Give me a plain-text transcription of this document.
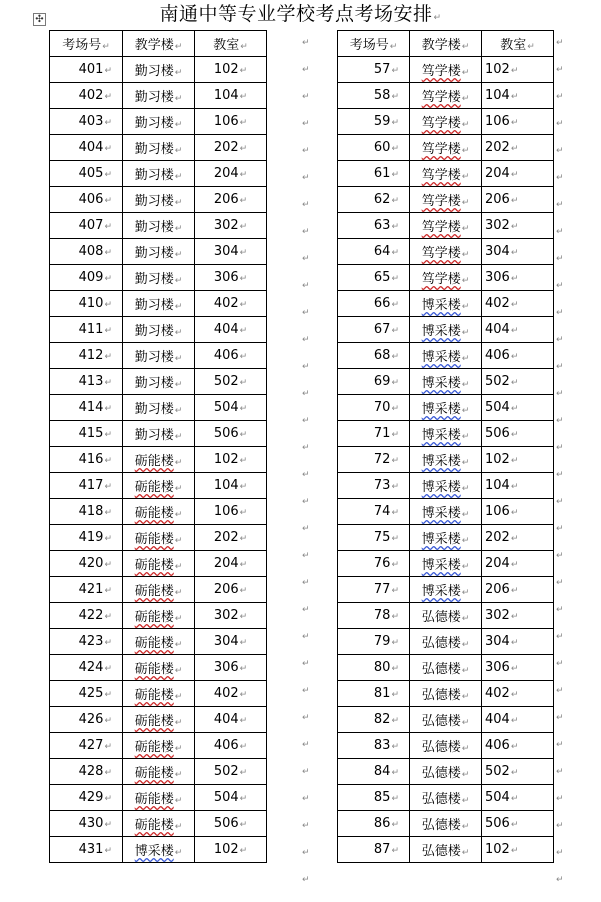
✣	南通中等专业学校考点考场安排↵
考场号↵	教学楼↵	教室↵
401↵	勤习楼↵	102↵
402↵	勤习楼↵	104↵
403↵	勤习楼↵	106↵
404↵	勤习楼↵	202↵
405↵	勤习楼↵	204↵
406↵	勤习楼↵	206↵
407↵	勤习楼↵	302↵
408↵	勤习楼↵	304↵
409↵	勤习楼↵	306↵
410↵	勤习楼↵	402↵
411↵	勤习楼↵	404↵
412↵	勤习楼↵	406↵
413↵	勤习楼↵	502↵
414↵	勤习楼↵	504↵
415↵	勤习楼↵	506↵
416↵	砺能楼↵	102↵
417↵	砺能楼↵	104↵
418↵	砺能楼↵	106↵
419↵	砺能楼↵	202↵
420↵	砺能楼↵	204↵
421↵	砺能楼↵	206↵
422↵	砺能楼↵	302↵
423↵	砺能楼↵	304↵
424↵	砺能楼↵	306↵
425↵	砺能楼↵	402↵
426↵	砺能楼↵	404↵
427↵	砺能楼↵	406↵
428↵	砺能楼↵	502↵
429↵	砺能楼↵	504↵
430↵	砺能楼↵	506↵
431↵	博采楼↵	102↵
考场号↵	教学楼↵	教室↵
57↵	笃学楼↵	102↵
58↵	笃学楼↵	104↵
59↵	笃学楼↵	106↵
60↵	笃学楼↵	202↵
61↵	笃学楼↵	204↵
62↵	笃学楼↵	206↵
63↵	笃学楼↵	302↵
64↵	笃学楼↵	304↵
65↵	笃学楼↵	306↵
66↵	博采楼↵	402↵
67↵	博采楼↵	404↵
68↵	博采楼↵	406↵
69↵	博采楼↵	502↵
70↵	博采楼↵	504↵
71↵	博采楼↵	506↵
72↵	博采楼↵	102↵
73↵	博采楼↵	104↵
74↵	博采楼↵	106↵
75↵	博采楼↵	202↵
76↵	博采楼↵	204↵
77↵	博采楼↵	206↵
78↵	弘德楼↵	302↵
79↵	弘德楼↵	304↵
80↵	弘德楼↵	306↵
81↵	弘德楼↵	402↵
82↵	弘德楼↵	404↵
83↵	弘德楼↵	406↵
84↵	弘德楼↵	502↵
85↵	弘德楼↵	504↵
86↵	弘德楼↵	506↵
87↵	弘德楼↵	102↵
↵
↵
↵
↵
↵
↵
↵
↵
↵
↵
↵
↵
↵
↵
↵
↵
↵
↵
↵
↵
↵
↵
↵
↵
↵
↵
↵
↵
↵
↵
↵
↵
↵
↵
↵
↵
↵
↵
↵
↵
↵
↵
↵
↵
↵
↵
↵
↵
↵
↵
↵
↵
↵
↵
↵
↵
↵
↵
↵
↵
↵
↵
↵
↵
